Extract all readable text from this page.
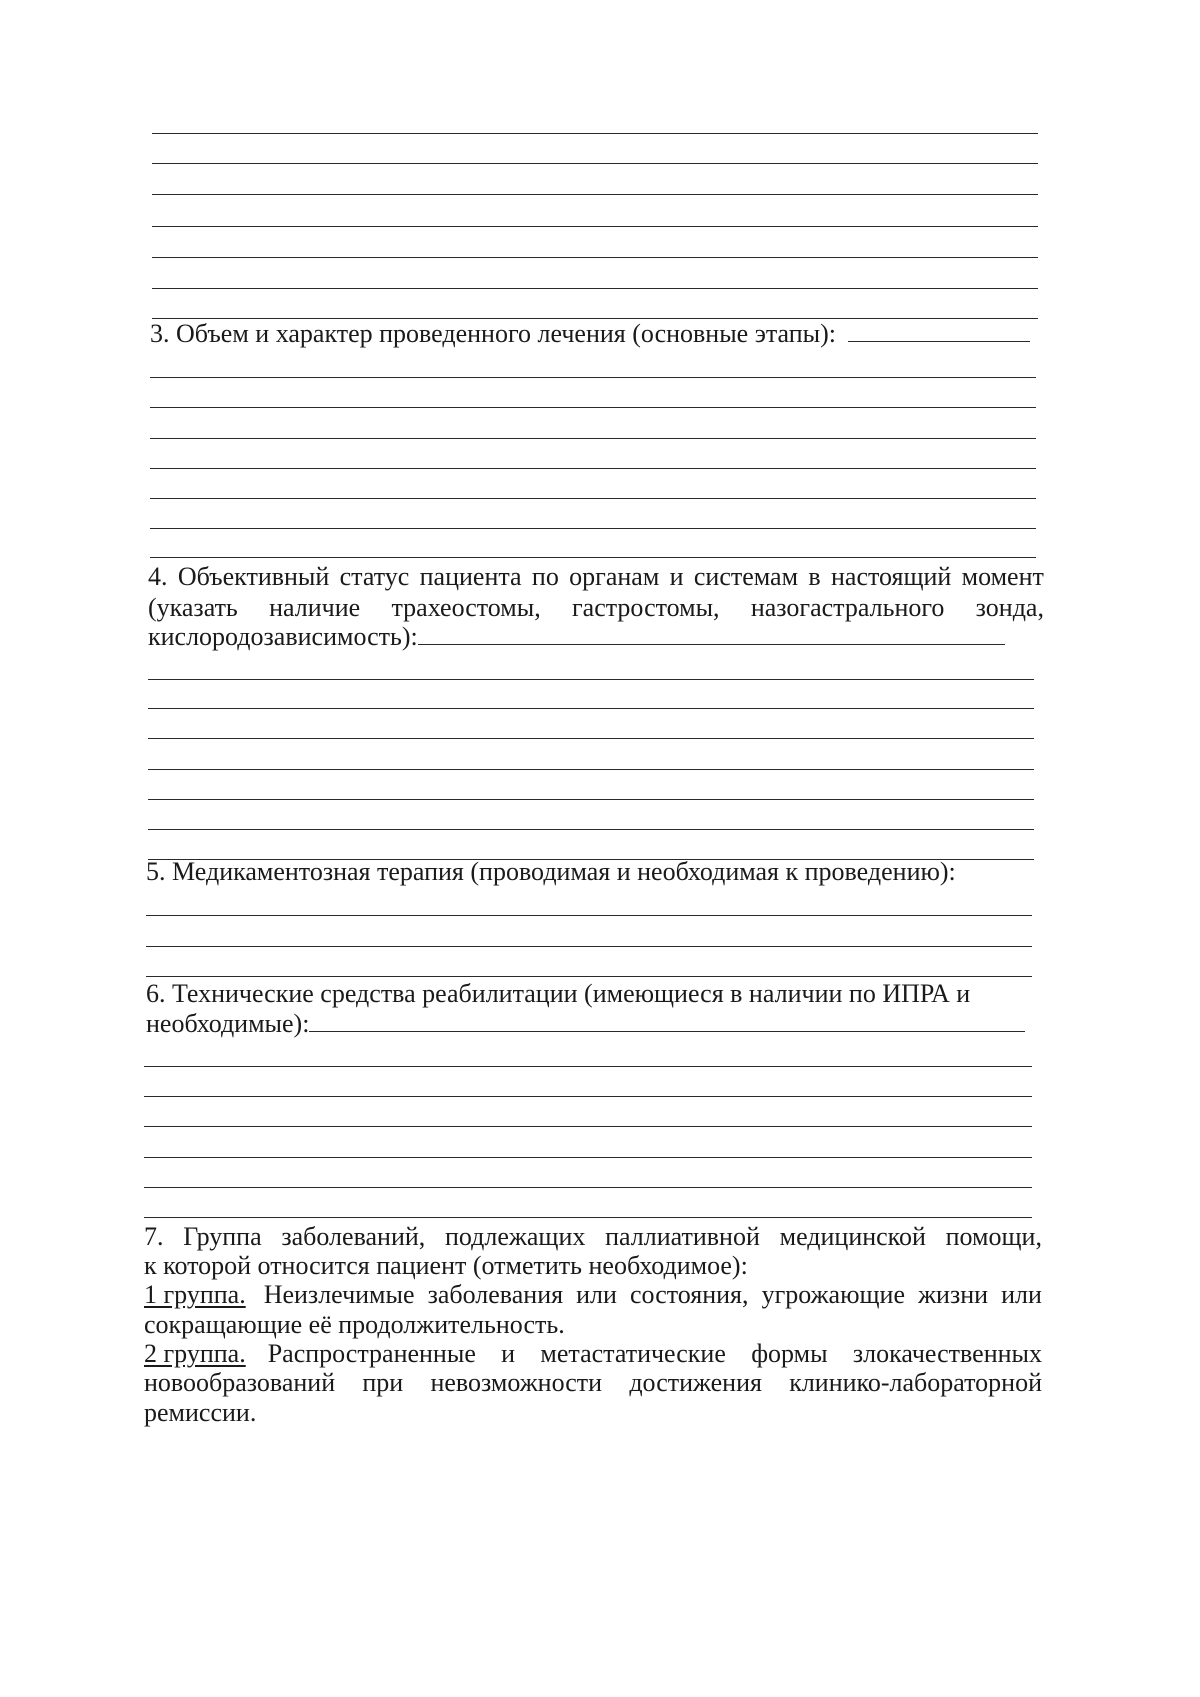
3. Объем и характер проведенного лечения (основные этапы):
4. Объективный статус пациента по органам и системам в настоящий момент
(указать наличие трахеостомы, гастростомы, назогастрального зонда,
кислородозависимость):
5. Медикаментозная терапия (проводимая и необходимая к проведению):
6. Технические средства реабилитации (имеющиеся в наличии по ИПРА и
необходимые):
7. Группа заболеваний, подлежащих паллиативной медицинской помощи,
к которой относится пациент (отметить необходимое):
1 группа. Неизлечимые заболевания или состояния, угрожающие жизни или
сокращающие её продолжительность.
2 группа. Распространенные и метастатические формы злокачественных
новообразований при невозможности достижения клинико-лабораторной
ремиссии.
